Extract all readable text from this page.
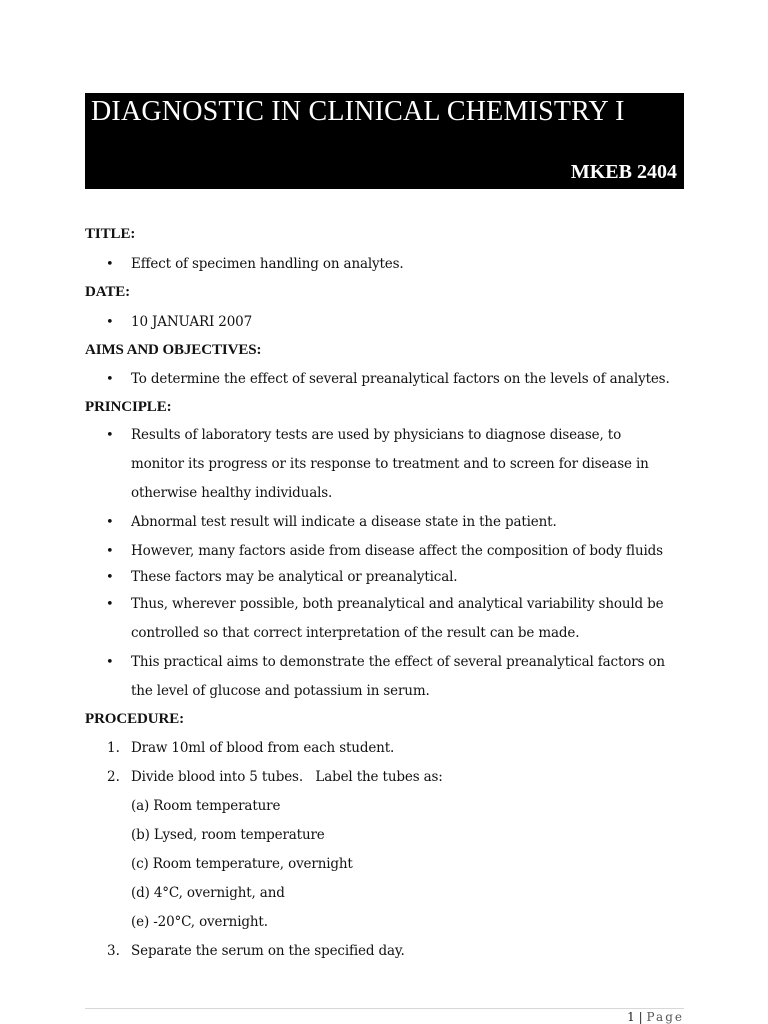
DIAGNOSTIC IN CLINICAL CHEMISTRY I
MKEB 2404
TITLE:
• Effect of specimen handling on analytes.
DATE:
• 10 JANUARI 2007
AIMS AND OBJECTIVES:
• To determine the effect of several preanalytical factors on the levels of analytes.
PRINCIPLE:
• Results of laboratory tests are used by physicians to diagnose disease, to monitor its progress or its response to treatment and to screen for disease in otherwise healthy individuals.
• Abnormal test result will indicate a disease state in the patient.
• However, many factors aside from disease affect the composition of body fluids
• These factors may be analytical or preanalytical.
• Thus, wherever possible, both preanalytical and analytical variability should be controlled so that correct interpretation of the result can be made.
• This practical aims to demonstrate the effect of several preanalytical factors on the level of glucose and potassium in serum.
PROCEDURE:
1. Draw 10ml of blood from each student.
2. Divide blood into 5 tubes.   Label the tubes as:
(a) Room temperature
(b) Lysed, room temperature
(c) Room temperature, overnight
(d) 4°C, overnight, and
(e) -20°C, overnight.
3. Separate the serum on the specified day.
1 | Page
